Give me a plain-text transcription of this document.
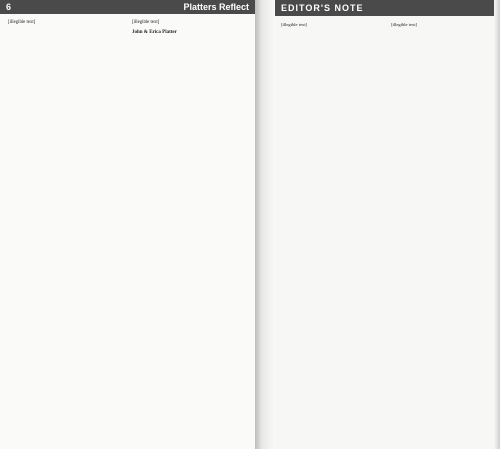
6	Platters Reflect

[illegible text]	[illegible text]

John & Erica Platter
EDITOR'S NOTE

[illegible text]	[illegible text]
